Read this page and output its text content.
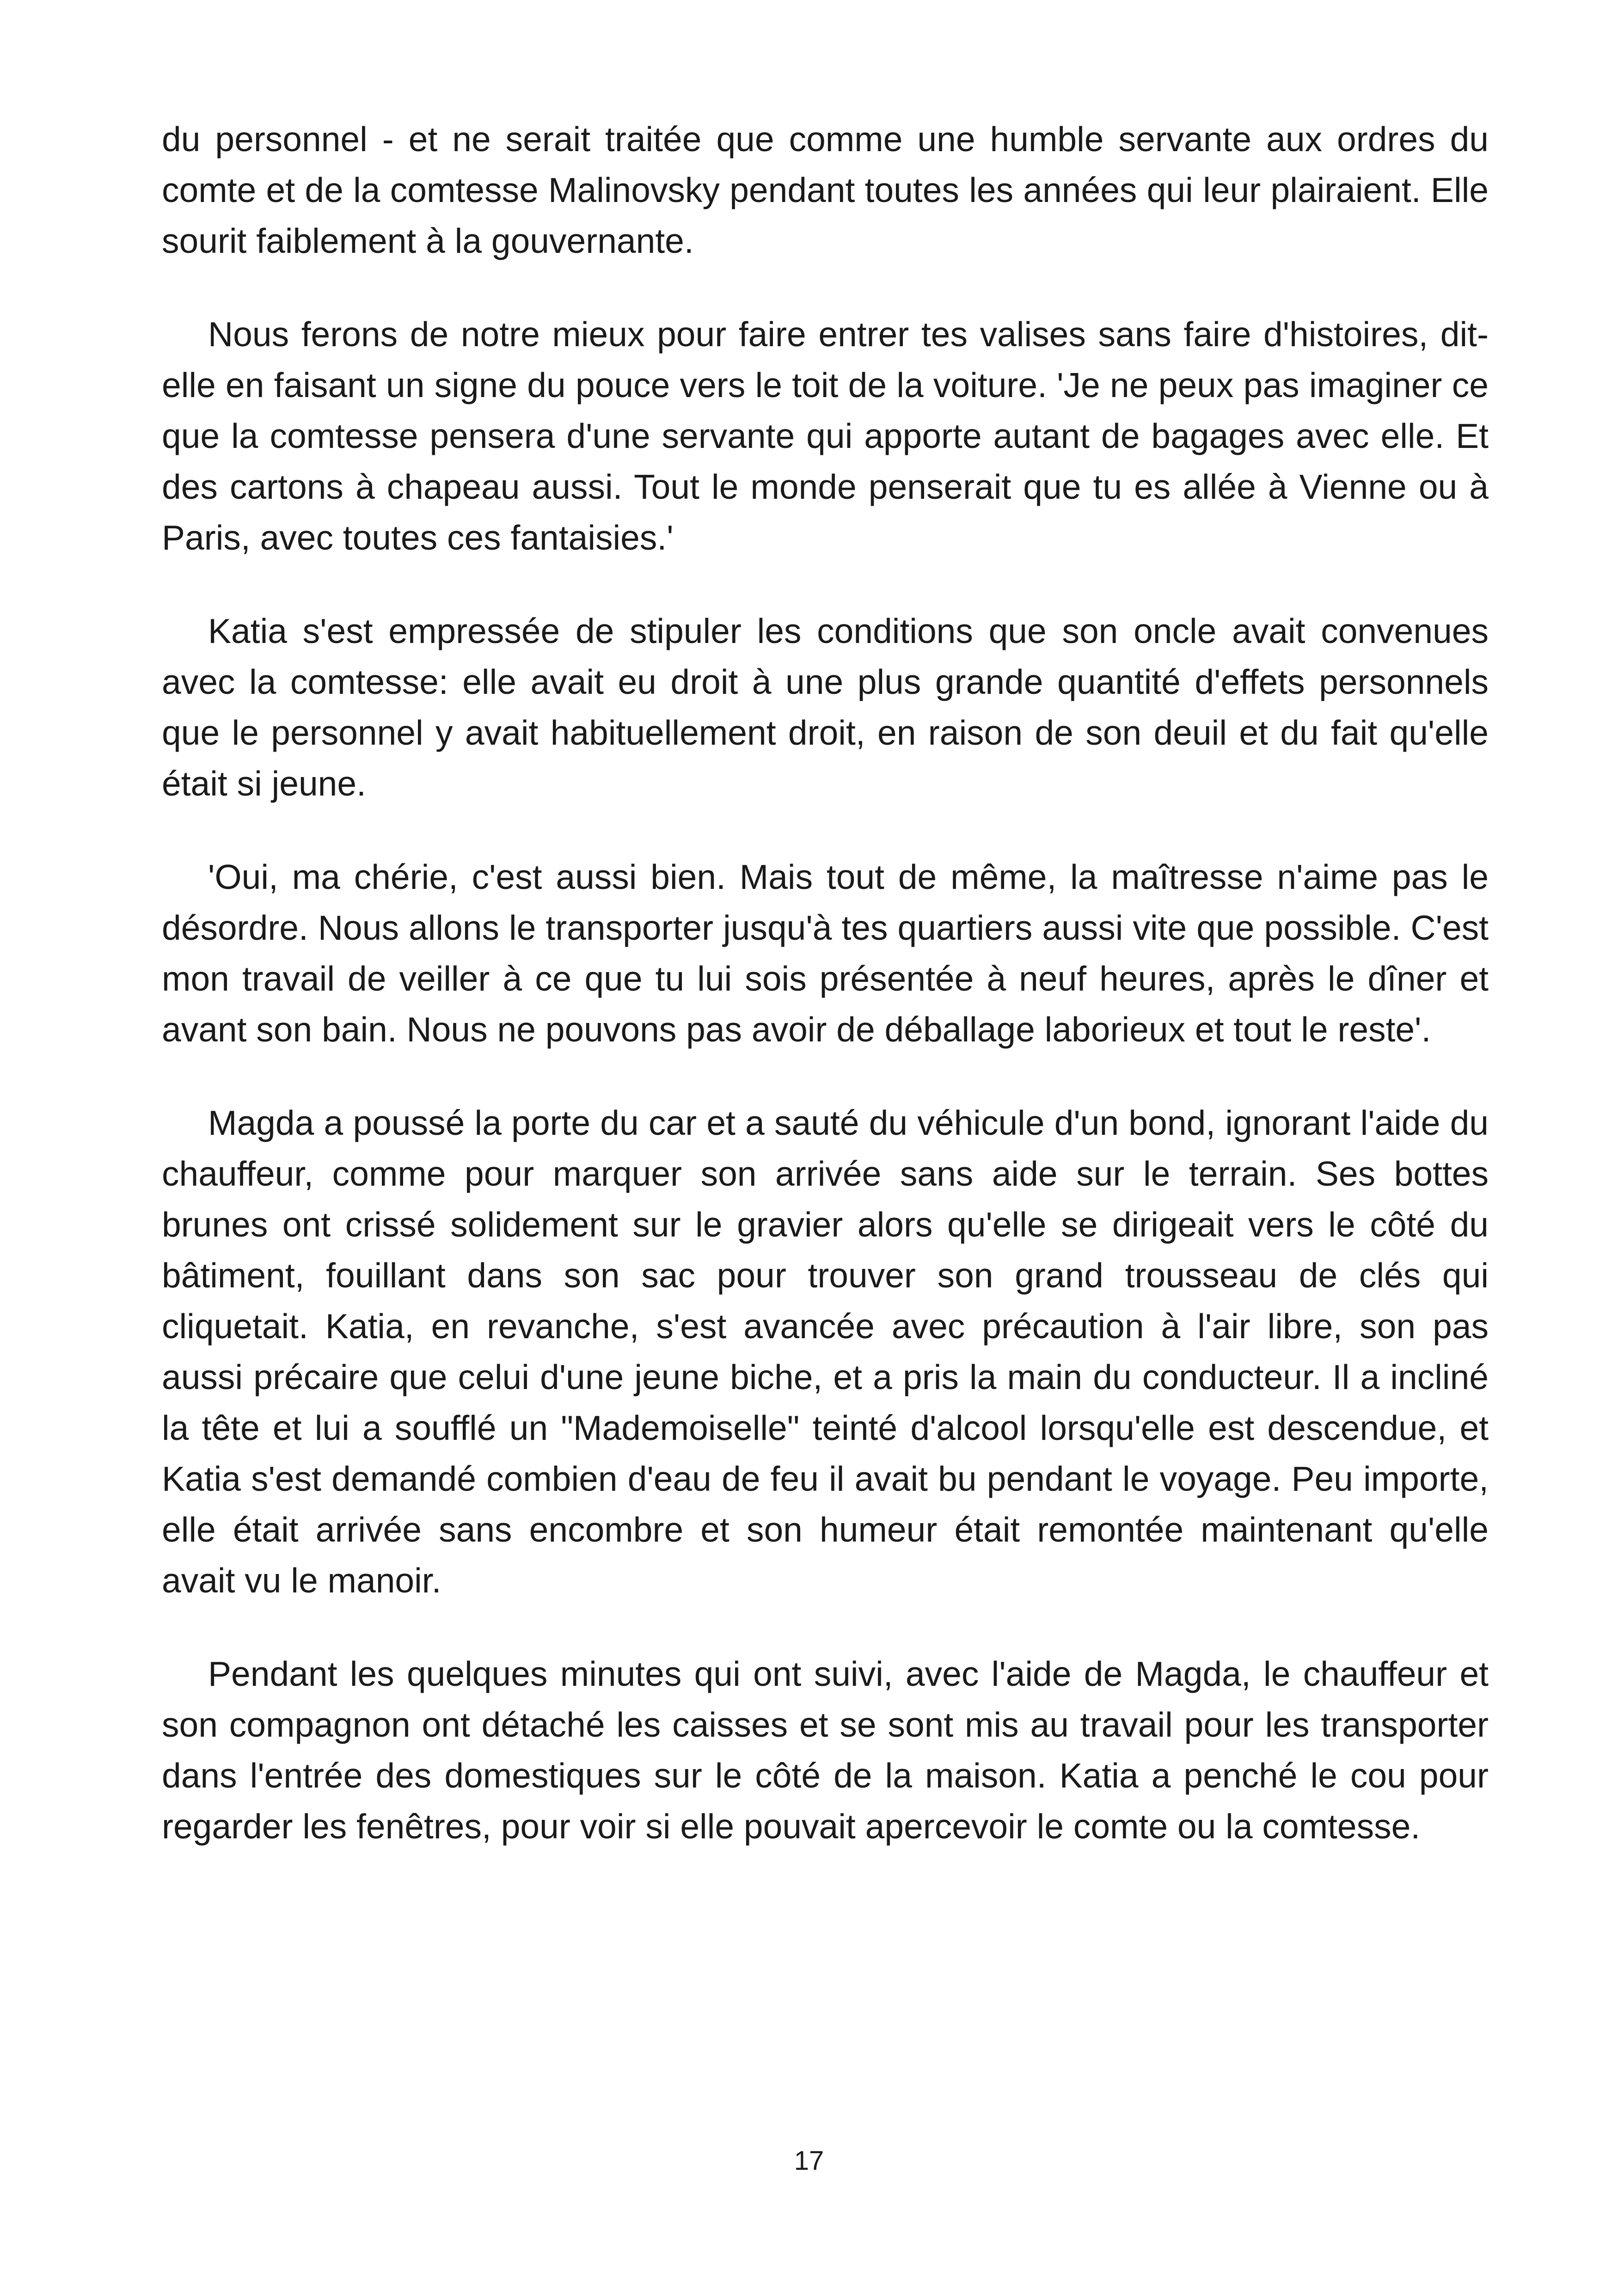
du personnel - et ne serait traitée que comme une humble servante aux ordres du comte et de la comtesse Malinovsky pendant toutes les années qui leur plairaient. Elle sourit faiblement à la gouvernante.

Nous ferons de notre mieux pour faire entrer tes valises sans faire d'histoires, dit-elle en faisant un signe du pouce vers le toit de la voiture. 'Je ne peux pas imaginer ce que la comtesse pensera d'une servante qui apporte autant de bagages avec elle. Et des cartons à chapeau aussi. Tout le monde penserait que tu es allée à Vienne ou à Paris, avec toutes ces fantaisies.'

Katia s'est empressée de stipuler les conditions que son oncle avait convenues avec la comtesse: elle avait eu droit à une plus grande quantité d'effets personnels que le personnel y avait habituellement droit, en raison de son deuil et du fait qu'elle était si jeune.

'Oui, ma chérie, c'est aussi bien. Mais tout de même, la maîtresse n'aime pas le désordre. Nous allons le transporter jusqu'à tes quartiers aussi vite que possible. C'est mon travail de veiller à ce que tu lui sois présentée à neuf heures, après le dîner et avant son bain. Nous ne pouvons pas avoir de déballage laborieux et tout le reste'.

Magda a poussé la porte du car et a sauté du véhicule d'un bond, ignorant l'aide du chauffeur, comme pour marquer son arrivée sans aide sur le terrain. Ses bottes brunes ont crissé solidement sur le gravier alors qu'elle se dirigeait vers le côté du bâtiment, fouillant dans son sac pour trouver son grand trousseau de clés qui cliquetait. Katia, en revanche, s'est avancée avec précaution à l'air libre, son pas aussi précaire que celui d'une jeune biche, et a pris la main du conducteur. Il a incliné la tête et lui a soufflé un "Mademoiselle" teinté d'alcool lorsqu'elle est descendue, et Katia s'est demandé combien d'eau de feu il avait bu pendant le voyage. Peu importe, elle était arrivée sans encombre et son humeur était remontée maintenant qu'elle avait vu le manoir.

Pendant les quelques minutes qui ont suivi, avec l'aide de Magda, le chauffeur et son compagnon ont détaché les caisses et se sont mis au travail pour les transporter dans l'entrée des domestiques sur le côté de la maison. Katia a penché le cou pour regarder les fenêtres, pour voir si elle pouvait apercevoir le comte ou la comtesse.

17
